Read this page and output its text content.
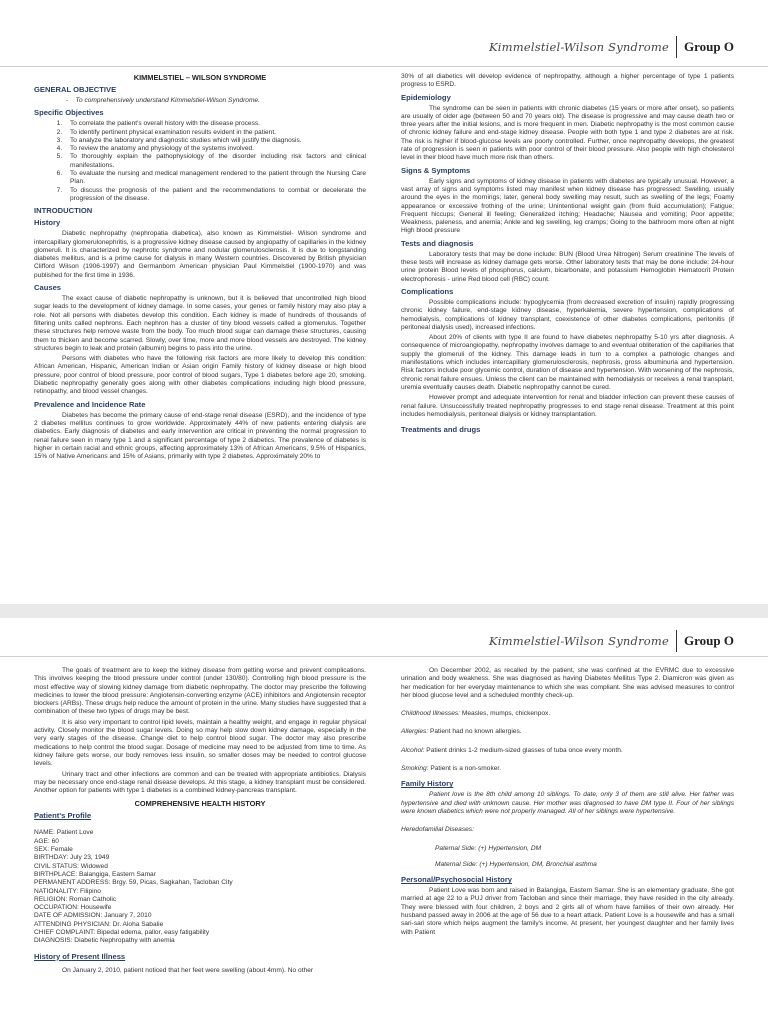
Kimmelstiel-Wilson Syndrome	Group O
KIMMELSTIEL – WILSON SYNDROME
GENERAL OBJECTIVE
-    To comprehensively understand Kimmelstiel-Wilson Syndrome.
Specific Objectives
1. To correlate the patient's overall history with the disease process.
2. To identify pertinent physical examination results evident in the patient.
3. To analyze the laboratory and diagnostic studies which will justify the diagnosis.
4. To review the anatomy and physiology of the systems involved.
5. To thoroughly explain the pathophysiology of the disorder including risk factors and clinical manifestations.
6. To evaluate the nursing and medical management rendered to the patient through the Nursing Care Plan.
7. To discuss the prognosis of the patient and the recommendations to combat or decelerate the progression of the disease.
INTRODUCTION
History

Diabetic nephropathy (nephropatia diabetica), also known as Kimmelstiel- Wilson syndrome and intercapillary glomerulonephritis, is a progressive kidney disease caused by angiopathy of capillaries in the kidney glomeruli. It is characterized by nephrotic syndrome and nodular glomerulosclerosis. It is due to longstanding diabetes mellitus, and is a prime cause for dialysis in many Western countries. Discovered by British physician Clifford Wilson (1906-1997) and Germanborn American physician Paul Kimmelstiel (1900-1970) and was published for the first time in 1936.

Causes

The exact cause of diabetic nephropathy is unknown, but it is believed that uncontrolled high blood sugar leads to the development of kidney damage. In some cases, your genes or family history may also play a role. Not all persons with diabetes develop this condition. Each kidney is made of hundreds of thousands of filtering units called nephrons. Each nephron has a cluster of tiny blood vessels called a glomerulus. Together these structures help remove waste from the body. Too much blood sugar can damage these structures, causing them to thicken and become scarred. Slowly, over time, more and more blood vessels are destroyed. The kidney structures begin to leak and protein (albumin) begins to pass into the urine.

Persons with diabetes who have the following risk factors are more likely to develop this condition: African American, Hispanic, American Indian or Asian origin Family history of kidney disease or high blood pressure, poor control of blood pressure, poor control of blood sugars, Type 1 diabetes before age 20, smoking. Diabetic nephropathy generally goes along with other diabetes complications including high blood pressure, retinopathy, and blood vessel changes.

Prevalence and Incidence Rate

Diabetes has become the primary cause of end-stage renal disease (ESRD), and the incidence of type 2 diabetes mellitus continues to grow worldwide. Approximately 44% of new patients entering dialysis are diabetics. Early diagnosis of diabetes and early intervention are critical in preventing the normal progression to renal failure seen in many type 1 and a significant percentage of type 2 diabetics. The prevalence of diabetes is higher in certain racial and ethnic groups, affecting approximately 13% of African Americans, 9.5% of Hispanics, 15% of Native Americans and 15% of Asians, primarily with type 2 diabetes. Approximately 20% to

30% of all diabetics will develop evidence of nephropathy, although a higher percentage of type 1 patients progress to ESRD.

Epidemiology

The syndrome can be seen in patients with chronic diabetes (15 years or more after onset), so patients are usually of older age (between 50 and 70 years old). The disease is progressive and may cause death two or three years after the initial lesions, and is more frequent in men. Diabetic nephropathy is the most common cause of chronic kidney failure and end-stage kidney disease. People with both type 1 and type 2 diabetes are at risk. The risk is higher if blood-glucose levels are poorly controlled. Further, once nephropathy develops, the greatest rate of progression is seen in patients with poor control of their blood pressure. Also people with high cholesterol level in their blood have much more risk than others.

Signs & Symptoms

Early signs and symptoms of kidney disease in patients with diabetes are typically unusual. However, a vast array of signs and symptoms listed may manifest when kidney disease has progressed: Swelling, usually around the eyes in the mornings; later, general body swelling may result, such as swelling of the legs; Foamy appearance or excessive frothing of the urine; Unintentional weight gain (from fluid accumulation); Fatigue; Frequent hiccups; General ill feeling; Generalized itching; Headache; Nausea and vomiting; Poor appetite; Weakness, paleness, and anemia; Ankle and leg swelling, leg cramps; Going to the bathroom more often at night High blood pressure

Tests and diagnosis

Laboratory tests that may be done include: BUN (Blood Urea Nitrogen) Serum creatinine The levels of these tests will increase as kidney damage gets worse. Other laboratory tests that may be done include: 24-hour urine protein Blood levels of phosphorus, calcium, bicarbonate, and potassium Hemoglobin Hematocrit Protein electrophoresis - urine Red blood cell (RBC) count.

Complications

Possible complications include: hypoglycemia (from decreased excretion of insulin) rapidly progressing chronic kidney failure, end-stage kidney disease, hyperkalemia, severe hypertension, complications of hemodialysis, complications of kidney transplant, coexistence of other diabetes complications, peritonitis (if peritoneal dialysis used), increased infections.

About 20% of clients with type II are found to have diabetes nephropathy 5-10 yrs after diagnosis. A consequence of microangiopathy, nephropathy involves damage to and eventual obliteration of the capillaries that supply the glomeruli of the kidney. This damage leads in turn to a complex a pathologic changes and manifestations which includes intercapillary glomerulosclerosis, nephrosis, gross albuminuria and hypertension. Risk factors include poor glycemic control, duration of disease and hypertension. With worsening of the nephrosis, chronic renal failure ensues. Unless the client can be maintained with hemodialysis or receives a renal transplant, uremia eventually causes death. Diabetic nephropathy cannot be cured.

However prompt and adequate intervention for renal and bladder infection can prevent these causes of renal failure. Unsuccessfully treated nephropathy progresses to end stage renal disease. Treatment at this point includes hemodialysis, peritoneal dialysis or kidney transplantation.

Treatments and drugs
Kimmelstiel-Wilson Syndrome	Group O

The goals of treatment are to keep the kidney disease from getting worse and prevent complications. This involves keeping the blood pressure under control (under 130/80). Controlling high blood pressure is the most effective way of slowing kidney damage from diabetic nephropathy. The doctor may prescribe the following medicines to lower the blood pressure: Angiotensin-converting enzyme (ACE) inhibitors and Angiotensin receptor blockers (ARBs). These drugs help reduce the amount of protein in the urine. Many studies have suggested that a combination of these two types of drugs may be best.

It is also very important to control lipid levels, maintain a healthy weight, and engage in regular physical activity. Closely monitor the blood sugar levels. Doing so may help slow down kidney damage, especially in the very early stages of the disease. Change diet to help control blood sugar. The doctor may also prescribe medications to help control the blood sugar. Dosage of medicine may need to be adjusted from time to time. As kidney failure gets worse, our body removes less insulin, so smaller doses may be needed to control glucose levels.

Urinary tract and other infections are common and can be treated with appropriate antibiotics. Dialysis may be necessary once end-stage renal disease develops. At this stage, a kidney transplant must be considered. Another option for patients with type 1 diabetes is a combined kidney-pancreas transplant.

COMPREHENSIVE HEALTH HISTORY
Patient's Profile
NAME: Patient Love
AGE: 60
SEX: Female
BIRTHDAY: July 23, 1949
CIVIL STATUS: Widowed
BIRTHPLACE: Balangiga, Eastern Samar
PERMANENT ADDRESS: Brgy. 59, Picas, Sagkahan, Tacloban City
NATIONALITY: Filipino
RELIGION: Roman Catholic
OCCUPATION: Housewife
DATE OF ADMISSION: January 7, 2010
ATTENDING PHYSICIAN: Dr. Aloha Sabalie
CHIEF COMPLAINT: Bipedal edema, pallor, easy fatigability
DIAGNOSIS: Diabetic Nephropathy with anemia
History of Present Illness

On January 2, 2010, patient noticed that her feet were swelling (about 4mm). No other

On December 2002, as recalled by the patient, she was confined at the EVRMC due to excessive urination and body weakness. She was diagnosed as having Diabetes Mellitus Type 2. Diamicron was given as her medication for her everyday maintenance to which she was compliant. She was advised measures to control her blood glucose level and a scheduled monthly check-up.

Childhood Illnesses: Measles, mumps, chickenpox.

Allergies: Patient had no known allergies.

Alcohol: Patient drinks 1-2 medium-sized glasses of tuba once every month.

Smoking: Patient is a non-smoker.

Family History

Patient love is the 8th child among 10 siblings. To date, only 3 of them are still alive. Her father was hypertensive and died with unknown cause. Her mother was diagnosed to have DM type II. Four of her siblings were known diabetics which were not properly managed. All of her siblings were hypertensive.

Heredofamilial Diseases:

Paternal Side: (+) Hypertension, DM
Maternal Side: (+) Hypertension, DM, Bronchial asthma
Personal/Psychosocial History

Patient Love was born and raised in Balangiga, Eastern Samar. She is an elementary graduate. She got married at age 22 to a PUJ driver from Tacloban and since their marriage, they have resided in the city already. They were blessed with four children, 2 boys and 2 girls all of whom have families of their own already. Her husband passed away in 2006 at the age of 56 due to a heart attack. Patient Love is a housewife and has a small sari-sari store which helps augment the family's income. At present, her youngest daughter and her family lives with Patient
